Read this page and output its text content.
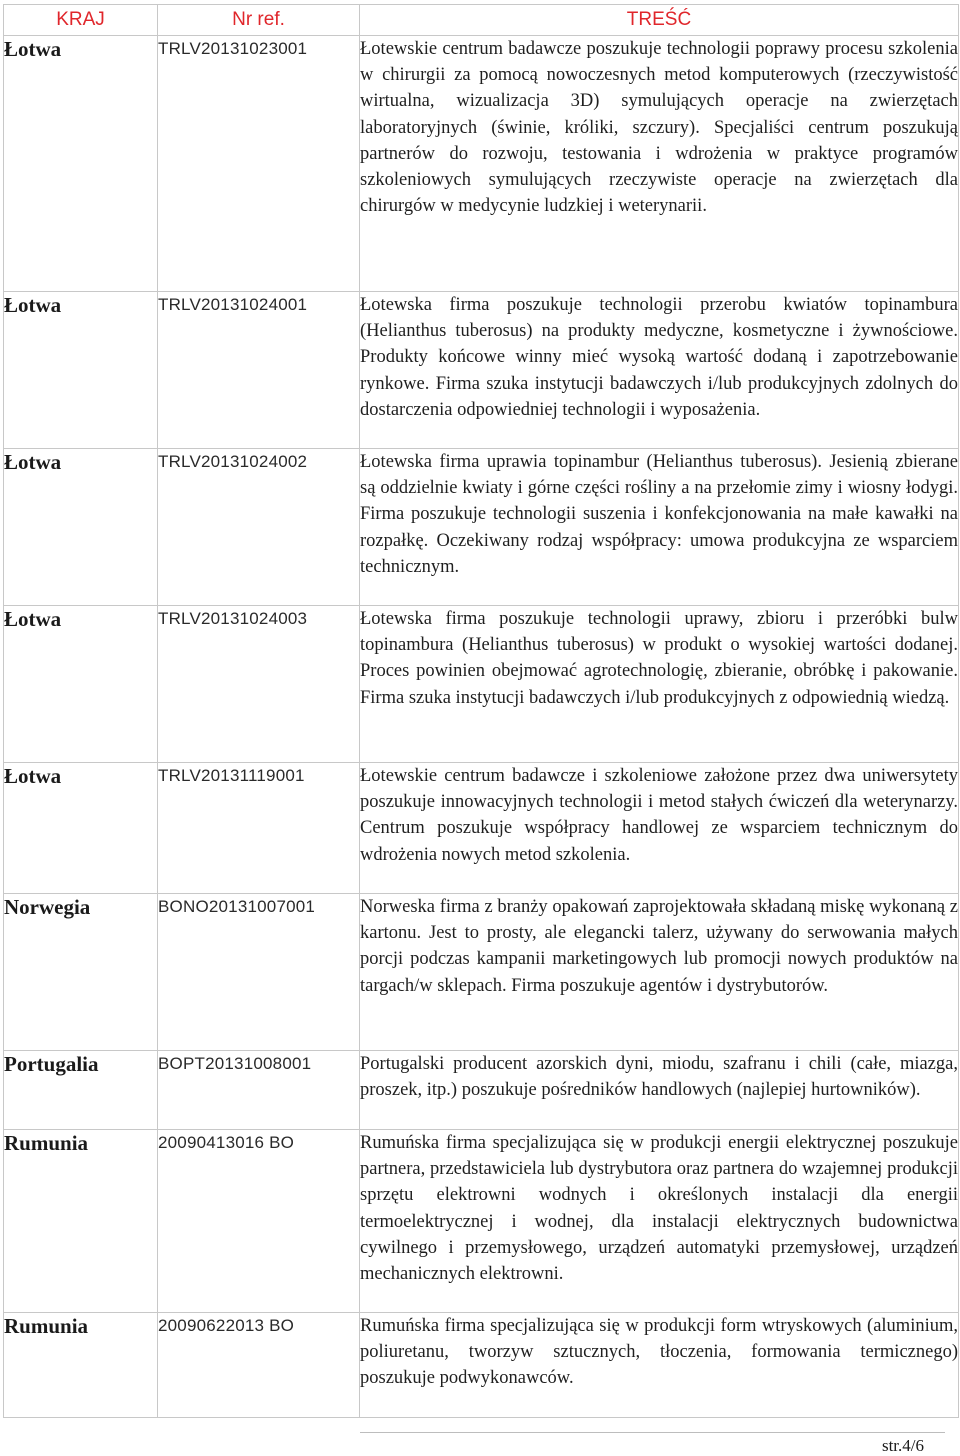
KRAJ	Nr ref.	TREŚĆ
Łotwa	TRLV20131023001	Łotewskie centrum badawcze poszukuje technologii poprawy procesu szkolenia w chirurgii za pomocą nowoczesnych metod komputerowych (rzeczywistość wirtualna, wizualizacja 3D) symulujących operacje na zwierzętach laboratoryjnych (świnie, króliki, szczury). Specjaliści centrum poszukują partnerów do rozwoju, testowania i wdrożenia w praktyce programów szkoleniowych symulujących rzeczywiste operacje na zwierzętach dla chirurgów w medycynie ludzkiej i weterynarii.
Łotwa	TRLV20131024001	Łotewska firma poszukuje technologii przerobu kwiatów topinambura (Helianthus tuberosus) na produkty medyczne, kosmetyczne i żywnościowe. Produkty końcowe winny mieć wysoką wartość dodaną i zapotrzebowanie rynkowe. Firma szuka instytucji badawczych i/lub produkcyjnych zdolnych do dostarczenia odpowiedniej technologii i wyposażenia.
Łotwa	TRLV20131024002	Łotewska firma uprawia topinambur (Helianthus tuberosus). Jesienią zbierane są oddzielnie kwiaty i górne części rośliny a na przełomie zimy i wiosny łodygi. Firma poszukuje technologii suszenia i konfekcjonowania na małe kawałki na rozpałkę. Oczekiwany rodzaj współpracy: umowa produkcyjna ze wsparciem technicznym.
Łotwa	TRLV20131024003	Łotewska firma poszukuje technologii uprawy, zbioru i przeróbki bulw topinambura (Helianthus tuberosus) w produkt o wysokiej wartości dodanej. Proces powinien obejmować agrotechnologię, zbieranie, obróbkę i pakowanie. Firma szuka instytucji badawczych i/lub produkcyjnych z odpowiednią wiedzą.
Łotwa	TRLV20131119001	Łotewskie centrum badawcze i szkoleniowe założone przez dwa uniwersytety poszukuje innowacyjnych technologii i metod stałych ćwiczeń dla weterynarzy. Centrum poszukuje współpracy handlowej ze wsparciem technicznym do wdrożenia nowych metod szkolenia.
Norwegia	BONO20131007001	Norweska firma z branży opakowań zaprojektowała składaną miskę wykonaną z kartonu. Jest to prosty, ale elegancki talerz, używany do serwowania małych porcji podczas kampanii marketingowych lub promocji nowych produktów na targach/w sklepach. Firma poszukuje agentów i dystrybutorów.
Portugalia	BOPT20131008001	Portugalski producent azorskich dyni, miodu, szafranu i chili (całe, miazga, proszek, itp.) poszukuje pośredników handlowych (najlepiej hurtowników).
Rumunia	20090413016 BO	Rumuńska firma specjalizująca się w produkcji energii elektrycznej poszukuje partnera, przedstawiciela lub dystrybutora oraz partnera do wzajemnej produkcji sprzętu elektrowni wodnych i określonych instalacji dla energii termoelektrycznej i wodnej, dla instalacji elektrycznych budownictwa cywilnego i przemysłowego, urządzeń automatyki przemysłowej, urządzeń mechanicznych elektrowni.
Rumunia	20090622013 BO	Rumuńska firma specjalizująca się w produkcji form wtryskowych (aluminium, poliuretanu, tworzyw sztucznych, tłoczenia, formowania termicznego) poszukuje podwykonawców.
str.4/6
